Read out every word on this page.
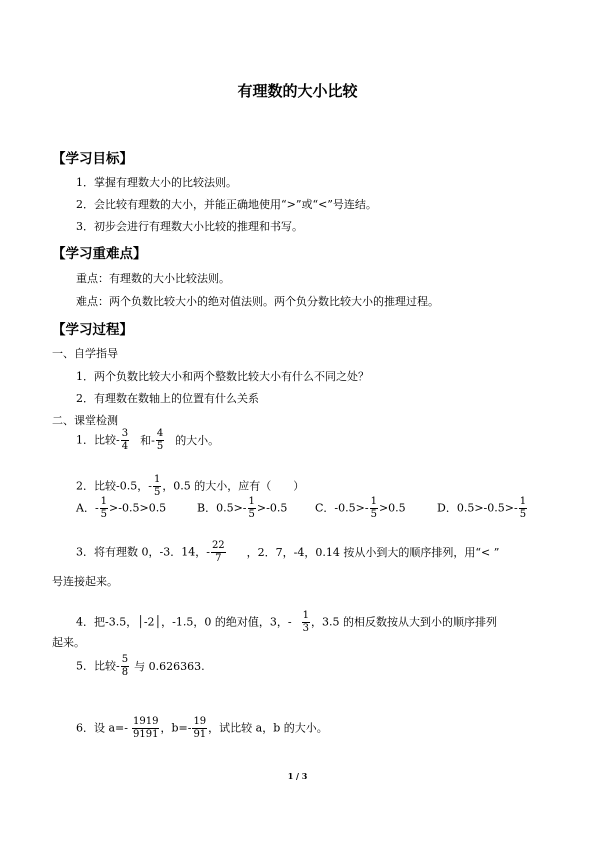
有理数的大小比较
【学习目标】
1．掌握有理数大小的比较法则。
2．会比较有理数的大小，并能正确地使用“>”或“<”号连结。
3．初步会进行有理数大小比较的推理和书写。
【学习重难点】
重点：有理数的大小比较法则。
难点：两个负数比较大小的绝对值法则。两个负分数比较大小的推理过程。
【学习过程】
一、自学指导
1．两个负数比较大小和两个整数比较大小有什么不同之处？
2．有理数在数轴上的位置有什么关系
二、课堂检测
1．比较- $\frac{3}{4}$ 和- $\frac{4}{5}$ 的大小。
2．比较-0.5，- $\frac{1}{5}$ ，0.5 的大小，应有（　　）
A．- $\frac{1}{5} >-0.5>0.5$	B．$0.5>- \frac{1}{5} >-0.5$	C．$-0.5>- \frac{1}{5} >0.5$	D．$0.5>-0.5>- \frac{1}{5}$
3．将有理数 0，-3．14，- $\frac{22}{7}$ ，2．7，-4，0.14 按从小到大的顺序排列，用“< ”
号连接起来。
4．把-3.5，│-2│，-1.5，0 的绝对值，3，- $\frac{1}{3}$ ，3.5 的相反数按从大到小的顺序排列
起来。
5．比较- $\frac{5}{8}$ 与 0.626363.
6．设 $a=- \frac{1919}{9191}$ ，$b=- \frac{19}{91}$ ，试比较 a，b 的大小。
1 / 3
